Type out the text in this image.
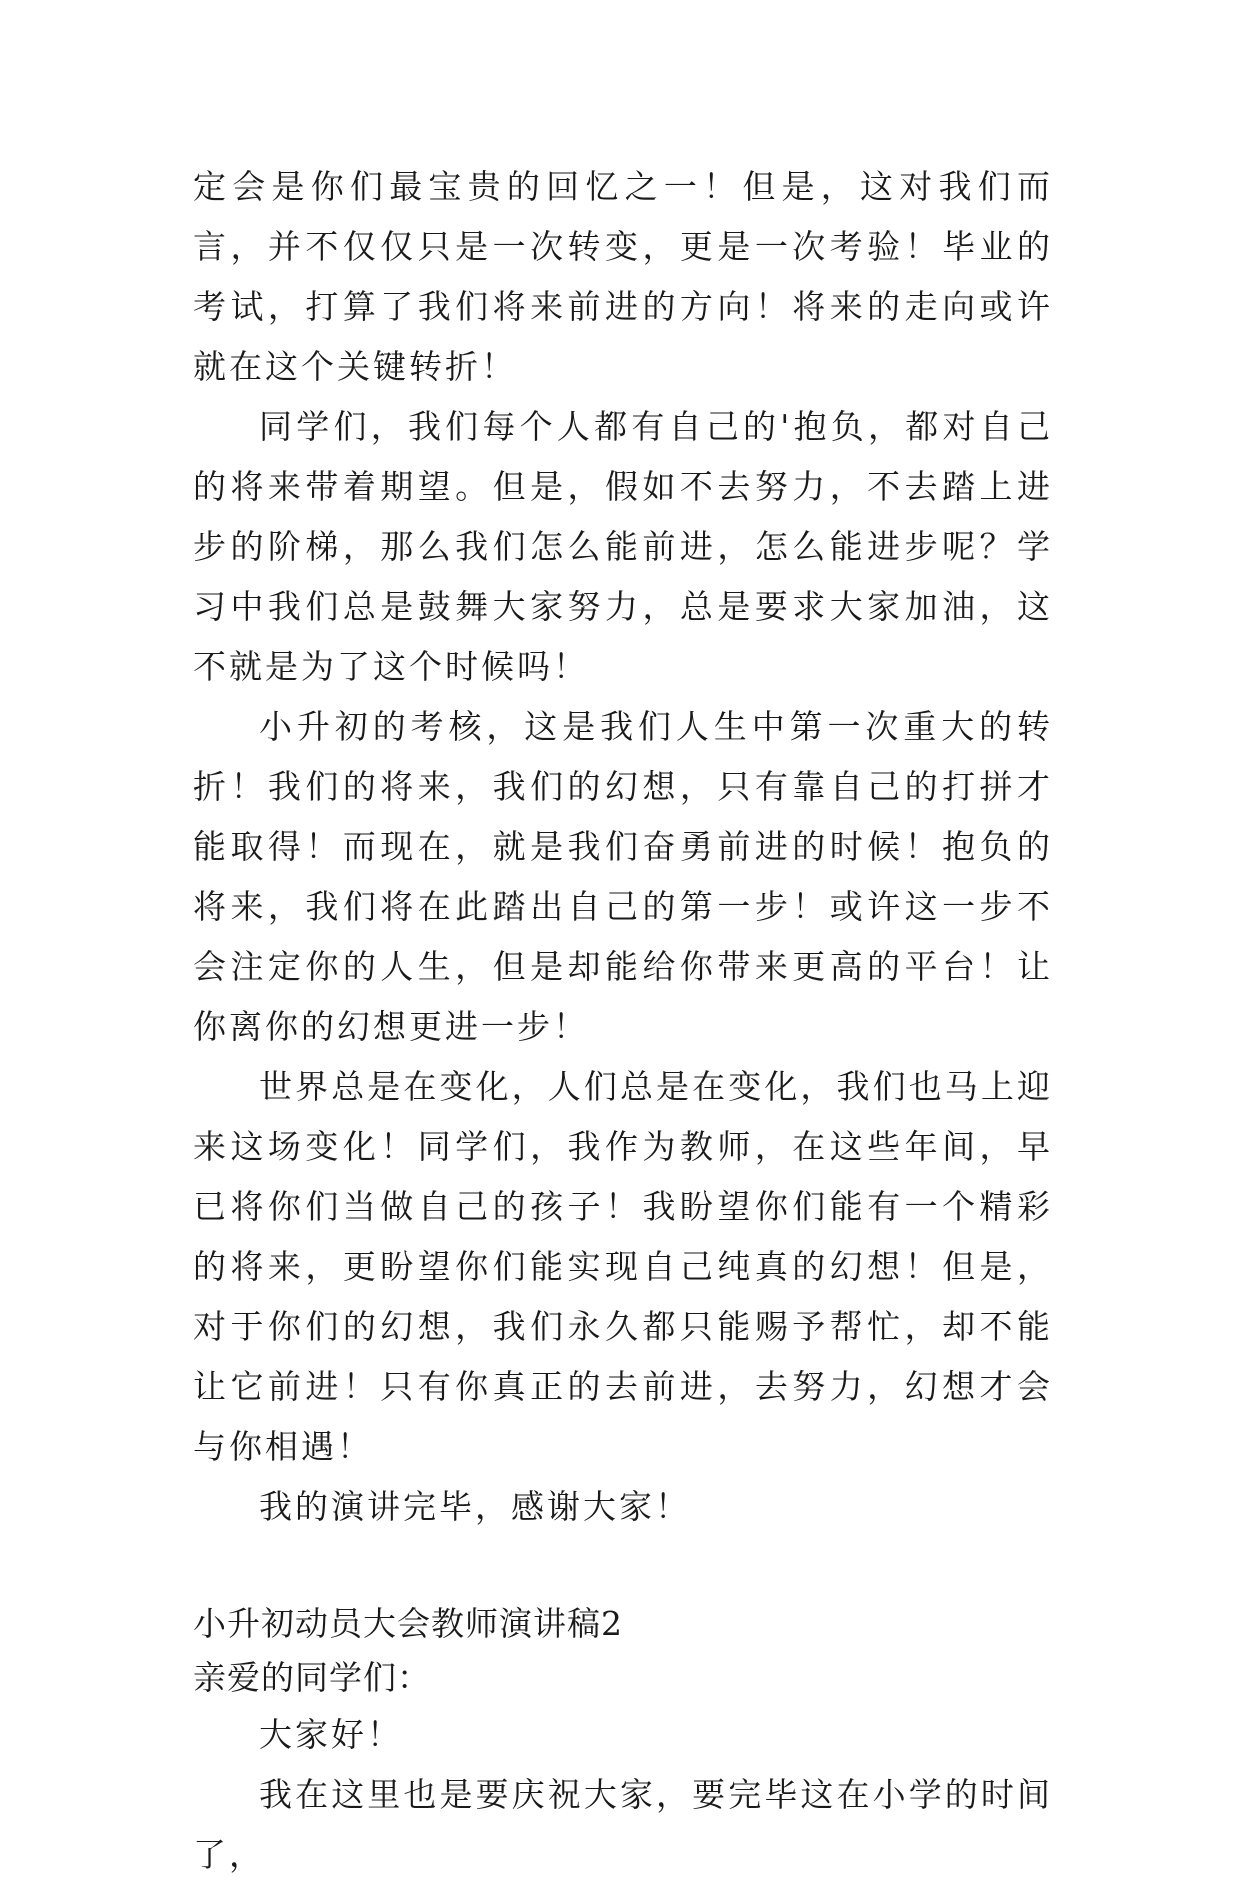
定会是你们最宝贵的回忆之一！但是，这对我们而言，并不仅仅只是一次转变，更是一次考验！毕业的考试，打算了我们将来前进的方向！将来的走向或许就在这个关键转折！

同学们，我们每个人都有自己的'抱负，都对自己的将来带着期望。但是，假如不去努力，不去踏上进步的阶梯，那么我们怎么能前进，怎么能进步呢？学习中我们总是鼓舞大家努力，总是要求大家加油，这不就是为了这个时候吗！

小升初的考核，这是我们人生中第一次重大的转折！我们的将来，我们的幻想，只有靠自己的打拼才能取得！而现在，就是我们奋勇前进的时候！抱负的将来，我们将在此踏出自己的第一步！或许这一步不会注定你的人生，但是却能给你带来更高的平台！让你离你的幻想更进一步！

世界总是在变化，人们总是在变化，我们也马上迎来这场变化！同学们，我作为教师，在这些年间，早已将你们当做自己的孩子！我盼望你们能有一个精彩的将来，更盼望你们能实现自己纯真的幻想！但是，对于你们的幻想，我们永久都只能赐予帮忙，却不能让它前进！只有你真正的去前进，去努力，幻想才会与你相遇！

我的演讲完毕，感谢大家！

小升初动员大会教师演讲稿2

亲爱的同学们：

大家好！

我在这里也是要庆祝大家，要完毕这在小学的时间了，
